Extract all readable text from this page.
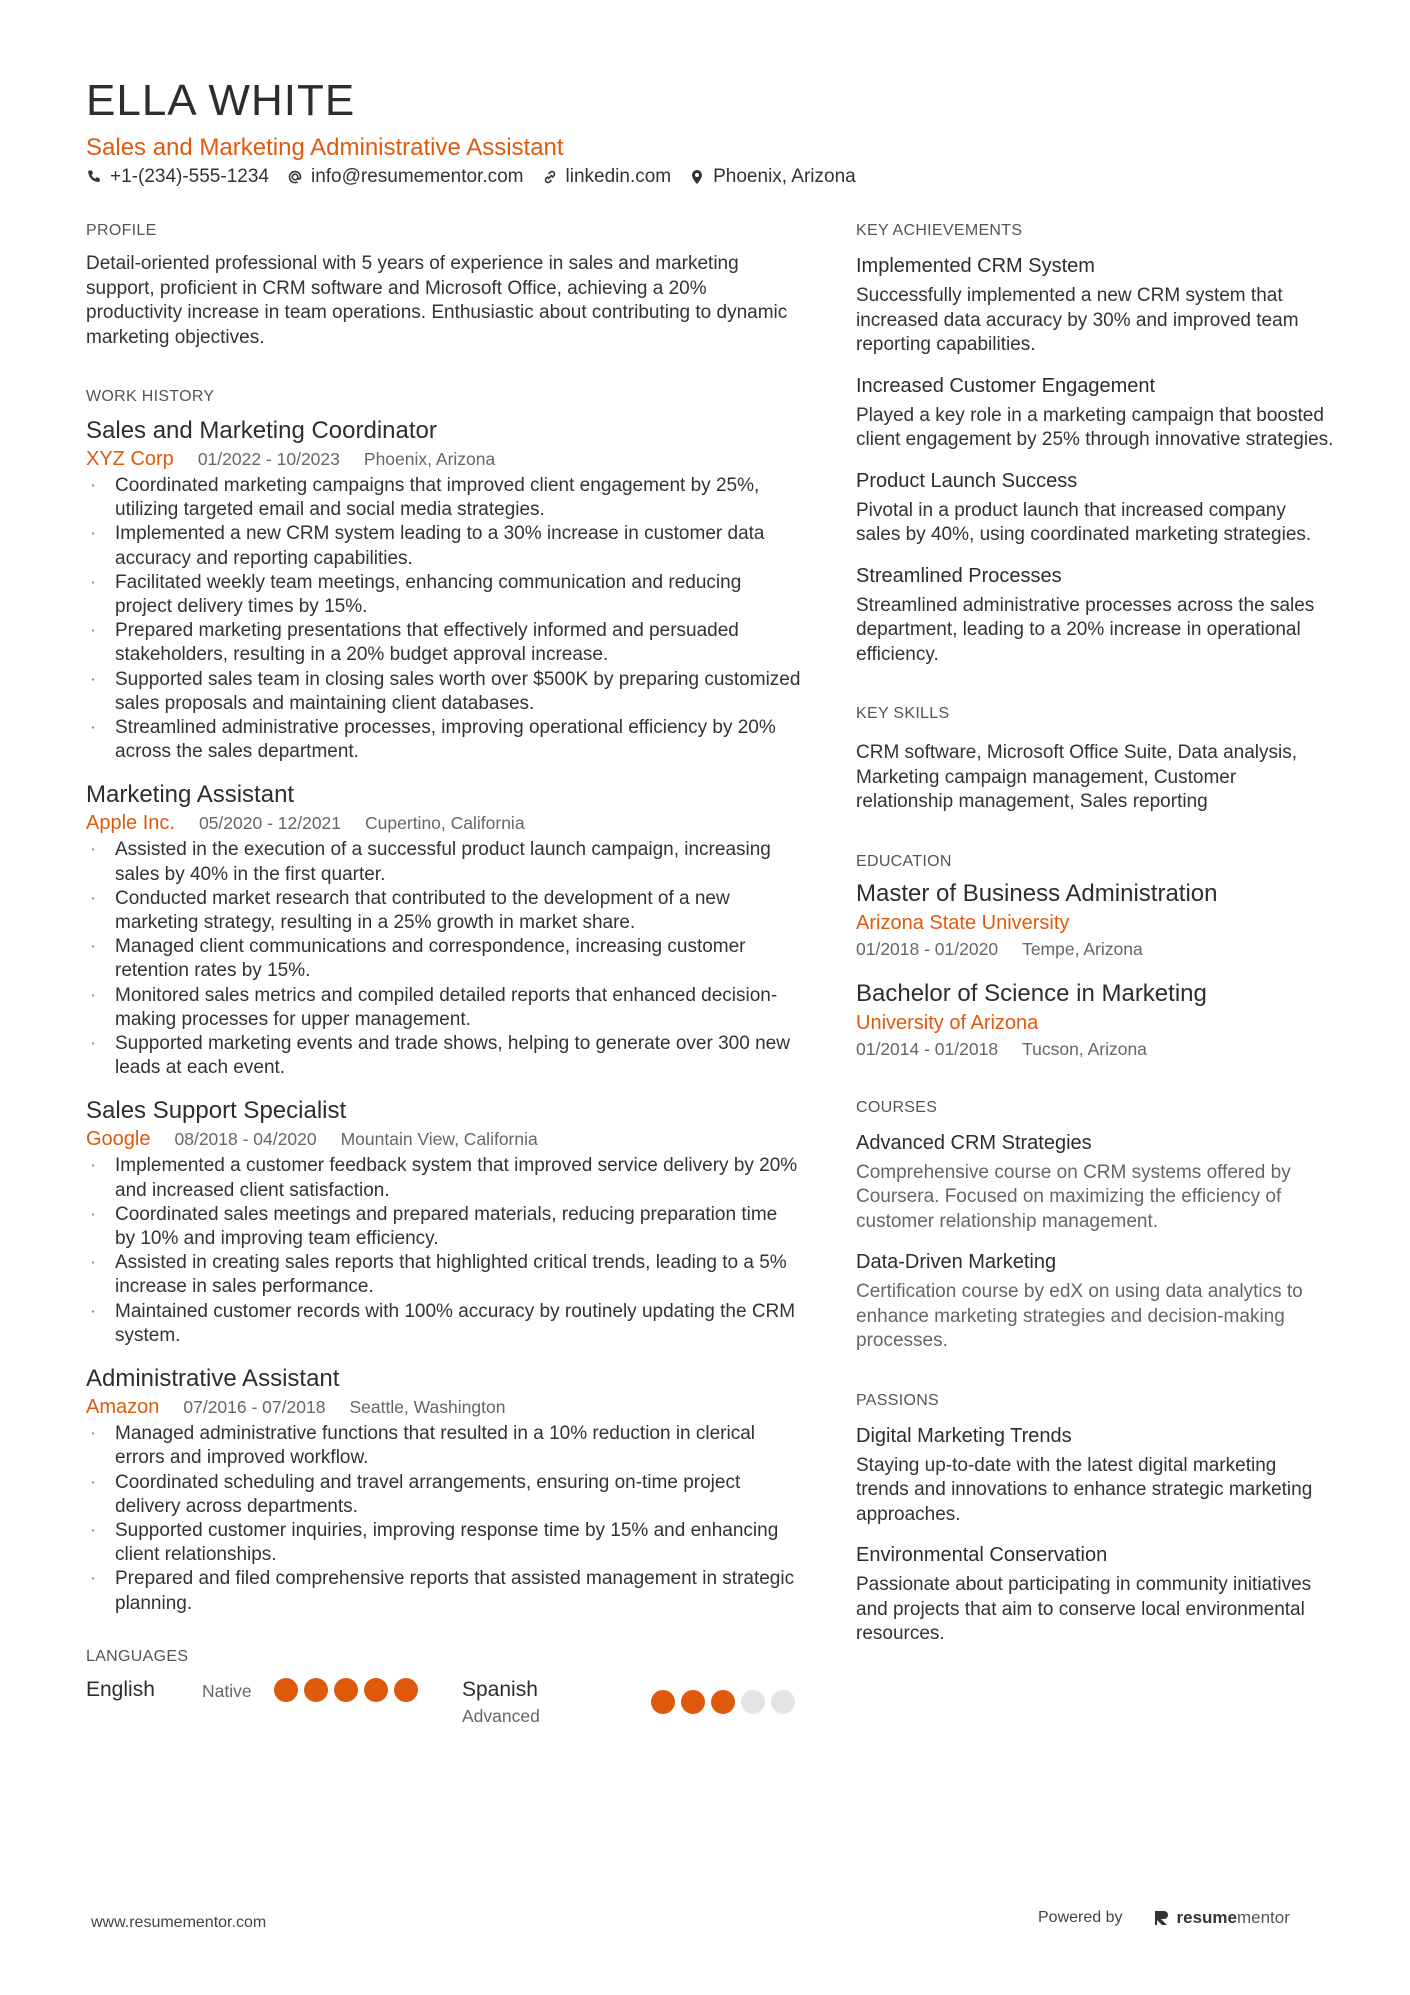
ELLA WHITE
Sales and Marketing Administrative Assistant
+1-(234)-555-1234 info@resumementor.com linkedin.com Phoenix, Arizona
PROFILE

Detail-oriented professional with 5 years of experience in sales and marketing support, proficient in CRM software and Microsoft Office, achieving a 20% productivity increase in team operations. Enthusiastic about contributing to dynamic marketing objectives.

WORK HISTORY
Sales and Marketing Coordinator
XYZ Corp 01/2022 - 10/2023 Phoenix, Arizona
· Coordinated marketing campaigns that improved client engagement by 25%, utilizing targeted email and social media strategies.
· Implemented a new CRM system leading to a 30% increase in customer data accuracy and reporting capabilities.
· Facilitated weekly team meetings, enhancing communication and reducing project delivery times by 15%.
· Prepared marketing presentations that effectively informed and persuaded stakeholders, resulting in a 20% budget approval increase.
· Supported sales team in closing sales worth over $500K by preparing customized sales proposals and maintaining client databases.
· Streamlined administrative processes, improving operational efficiency by 20% across the sales department.
Marketing Assistant
Apple Inc. 05/2020 - 12/2021 Cupertino, California
· Assisted in the execution of a successful product launch campaign, increasing sales by 40% in the first quarter.
· Conducted market research that contributed to the development of a new marketing strategy, resulting in a 25% growth in market share.
· Managed client communications and correspondence, increasing customer retention rates by 15%.
· Monitored sales metrics and compiled detailed reports that enhanced decision-making processes for upper management.
· Supported marketing events and trade shows, helping to generate over 300 new leads at each event.
Sales Support Specialist
Google 08/2018 - 04/2020 Mountain View, California
· Implemented a customer feedback system that improved service delivery by 20% and increased client satisfaction.
· Coordinated sales meetings and prepared materials, reducing preparation time by 10% and improving team efficiency.
· Assisted in creating sales reports that highlighted critical trends, leading to a 5% increase in sales performance.
· Maintained customer records with 100% accuracy by routinely updating the CRM system.
Administrative Assistant
Amazon 07/2016 - 07/2018 Seattle, Washington
· Managed administrative functions that resulted in a 10% reduction in clerical errors and improved workflow.
· Coordinated scheduling and travel arrangements, ensuring on-time project delivery across departments.
· Supported customer inquiries, improving response time by 15% and enhancing client relationships.
· Prepared and filed comprehensive reports that assisted management in strategic planning.
LANGUAGES
English	Native	Spanish
Advanced
KEY ACHIEVEMENTS
Implemented CRM System
Successfully implemented a new CRM system that increased data accuracy by 30% and improved team reporting capabilities.
Increased Customer Engagement
Played a key role in a marketing campaign that boosted client engagement by 25% through innovative strategies.
Product Launch Success
Pivotal in a product launch that increased company sales by 40%, using coordinated marketing strategies.
Streamlined Processes
Streamlined administrative processes across the sales department, leading to a 20% increase in operational efficiency.
KEY SKILLS
CRM software, Microsoft Office Suite, Data analysis, Marketing campaign management, Customer relationship management, Sales reporting
EDUCATION
Master of Business Administration
Arizona State University
01/2018 - 01/2020 Tempe, Arizona
Bachelor of Science in Marketing
University of Arizona
01/2014 - 01/2018 Tucson, Arizona
COURSES
Advanced CRM Strategies
Comprehensive course on CRM systems offered by Coursera. Focused on maximizing the efficiency of customer relationship management.
Data-Driven Marketing
Certification course by edX on using data analytics to enhance marketing strategies and decision-making processes.
PASSIONS
Digital Marketing Trends
Staying up-to-date with the latest digital marketing trends and innovations to enhance strategic marketing approaches.
Environmental Conservation
Passionate about participating in community initiatives and projects that aim to conserve local environmental resources.
www.resumementor.com	Powered by	resumementor
